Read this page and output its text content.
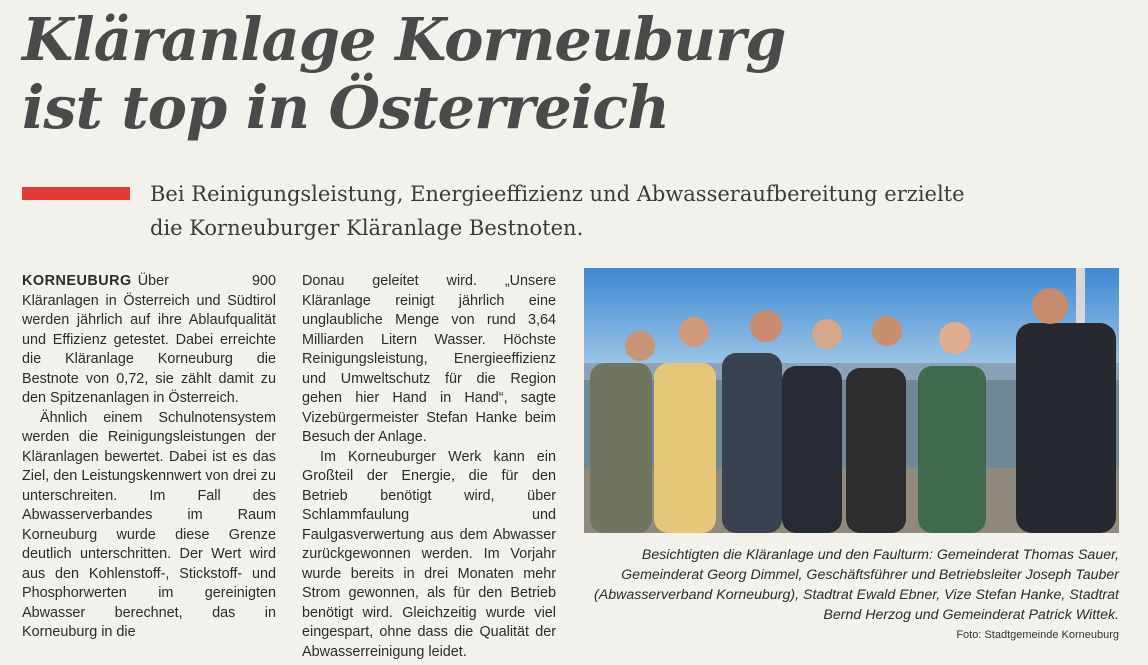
Kläranlage Korneuburg
ist top in Österreich

Bei Reinigungsleistung, Energieeffizienz und Abwasseraufbereitung erzielte die Korneuburger Kläranlage Bestnoten.

KORNEUBURG Über 900 Kläranlagen in Österreich und Südtirol werden jährlich auf ihre Ablaufqualität und Effizienz getestet. Dabei erreichte die Kläranlage Korneuburg die Bestnote von 0,72, sie zählt damit zu den Spitzenanlagen in Österreich.

Ähnlich einem Schulnotensystem werden die Reinigungsleistungen der Kläranlagen bewertet. Dabei ist es das Ziel, den Leistungskennwert von drei zu unterschreiten. Im Fall des Abwasserverbandes im Raum Korneuburg wurde diese Grenze deutlich unterschritten. Der Wert wird aus den Kohlenstoff-, Stickstoff- und Phosphorwerten im gereinigten Abwasser berechnet, das in Korneuburg in die

Donau geleitet wird. „Unsere Kläranlage reinigt jährlich eine unglaubliche Menge von rund 3,64 Milliarden Litern Wasser. Höchste Reinigungsleistung, Energieeffizienz und Umweltschutz für die Region gehen hier Hand in Hand“, sagte Vizebürgermeister Stefan Hanke beim Besuch der Anlage.

Im Korneuburger Werk kann ein Großteil der Energie, die für den Betrieb benötigt wird, über Schlammfaulung und Faulgasverwertung aus dem Abwasser zurückgewonnen werden. Im Vorjahr wurde bereits in drei Monaten mehr Strom gewonnen, als für den Betrieb benötigt wird. Gleichzeitig wurde viel eingespart, ohne dass die Qualität der Abwasserreinigung leidet.

Besichtigten die Kläranlage und den Faulturm: Gemeinderat Thomas Sauer, Gemeinderat Georg Dimmel, Geschäftsführer und Betriebsleiter Joseph Tauber (Abwasserverband Korneuburg), Stadtrat Ewald Ebner, Vize Stefan Hanke, Stadtrat Bernd Herzog und Gemeinderat Patrick Wittek.

Foto: Stadtgemeinde Korneuburg
